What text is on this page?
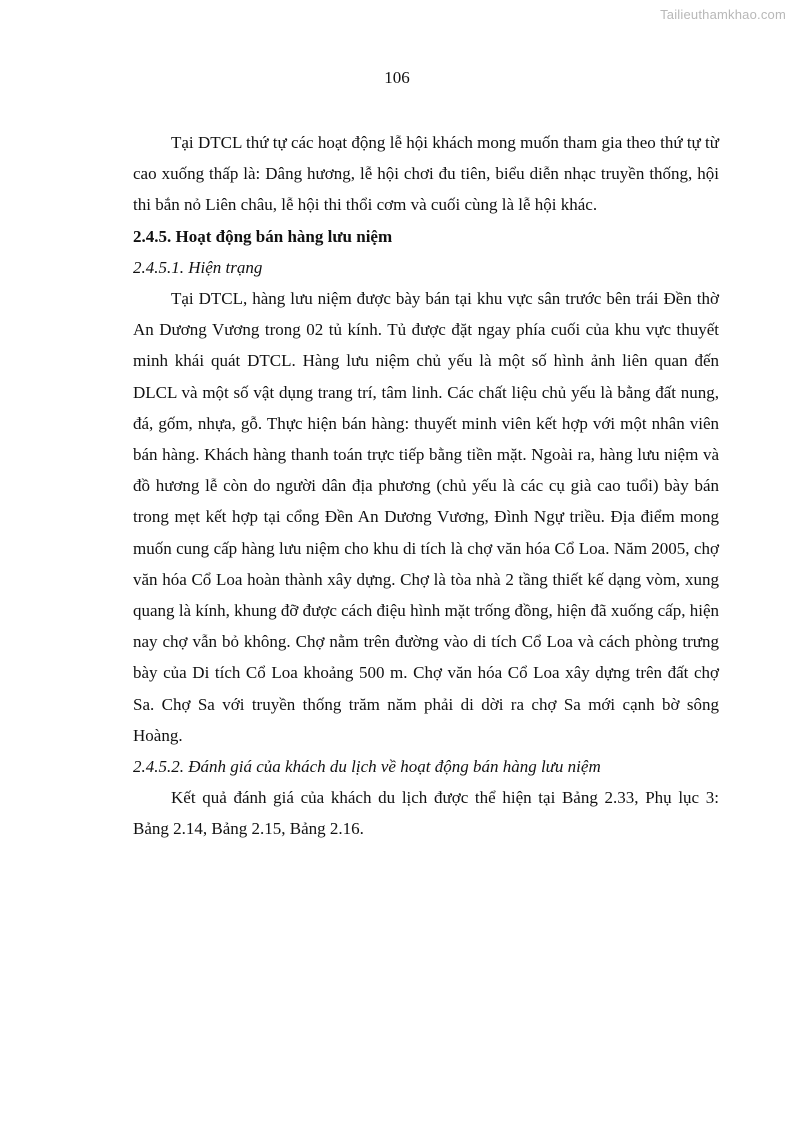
Tailieuthamkhao.com
106

Tại DTCL thứ tự các hoạt động lễ hội khách mong muốn tham gia theo thứ tự từ cao xuống thấp là: Dâng hương, lễ hội chơi đu tiên, biểu diễn nhạc truyền thống, hội thi bắn nỏ Liên châu, lễ hội thi thổi cơm và cuối cùng là lễ hội khác.

2.4.5. Hoạt động bán hàng lưu niệm

2.4.5.1. Hiện trạng

Tại DTCL, hàng lưu niệm được bày bán tại khu vực sân trước bên trái Đền thờ An Dương Vương trong 02 tủ kính. Tủ được đặt ngay phía cuối của khu vực thuyết minh khái quát DTCL. Hàng lưu niệm chủ yếu là một số hình ảnh liên quan đến DLCL và một số vật dụng trang trí, tâm linh. Các chất liệu chủ yếu là bằng đất nung, đá, gốm, nhựa, gỗ. Thực hiện bán hàng: thuyết minh viên kết hợp với một nhân viên bán hàng. Khách hàng thanh toán trực tiếp bằng tiền mặt. Ngoài ra, hàng lưu niệm và đồ hương lễ còn do người dân địa phương (chủ yếu là các cụ già cao tuổi) bày bán trong mẹt kết hợp tại cổng Đền An Dương Vương, Đình Ngự triều. Địa điểm mong muốn cung cấp hàng lưu niệm cho khu di tích là chợ văn hóa Cổ Loa. Năm 2005, chợ văn hóa Cổ Loa hoàn thành xây dựng. Chợ là tòa nhà 2 tầng thiết kế dạng vòm, xung quang là kính, khung đỡ được cách điệu hình mặt trống đồng, hiện đã xuống cấp, hiện nay chợ vẫn bỏ không. Chợ nằm trên đường vào di tích Cổ Loa và cách phòng trưng bày của Di tích Cổ Loa khoảng 500 m. Chợ văn hóa Cổ Loa xây dựng trên đất chợ Sa. Chợ Sa với truyền thống trăm năm phải di dời ra chợ Sa mới cạnh bờ sông Hoàng.

2.4.5.2. Đánh giá của khách du lịch về hoạt động bán hàng lưu niệm

Kết quả đánh giá của khách du lịch được thể hiện tại Bảng 2.33, Phụ lục 3: Bảng 2.14, Bảng 2.15, Bảng 2.16.
